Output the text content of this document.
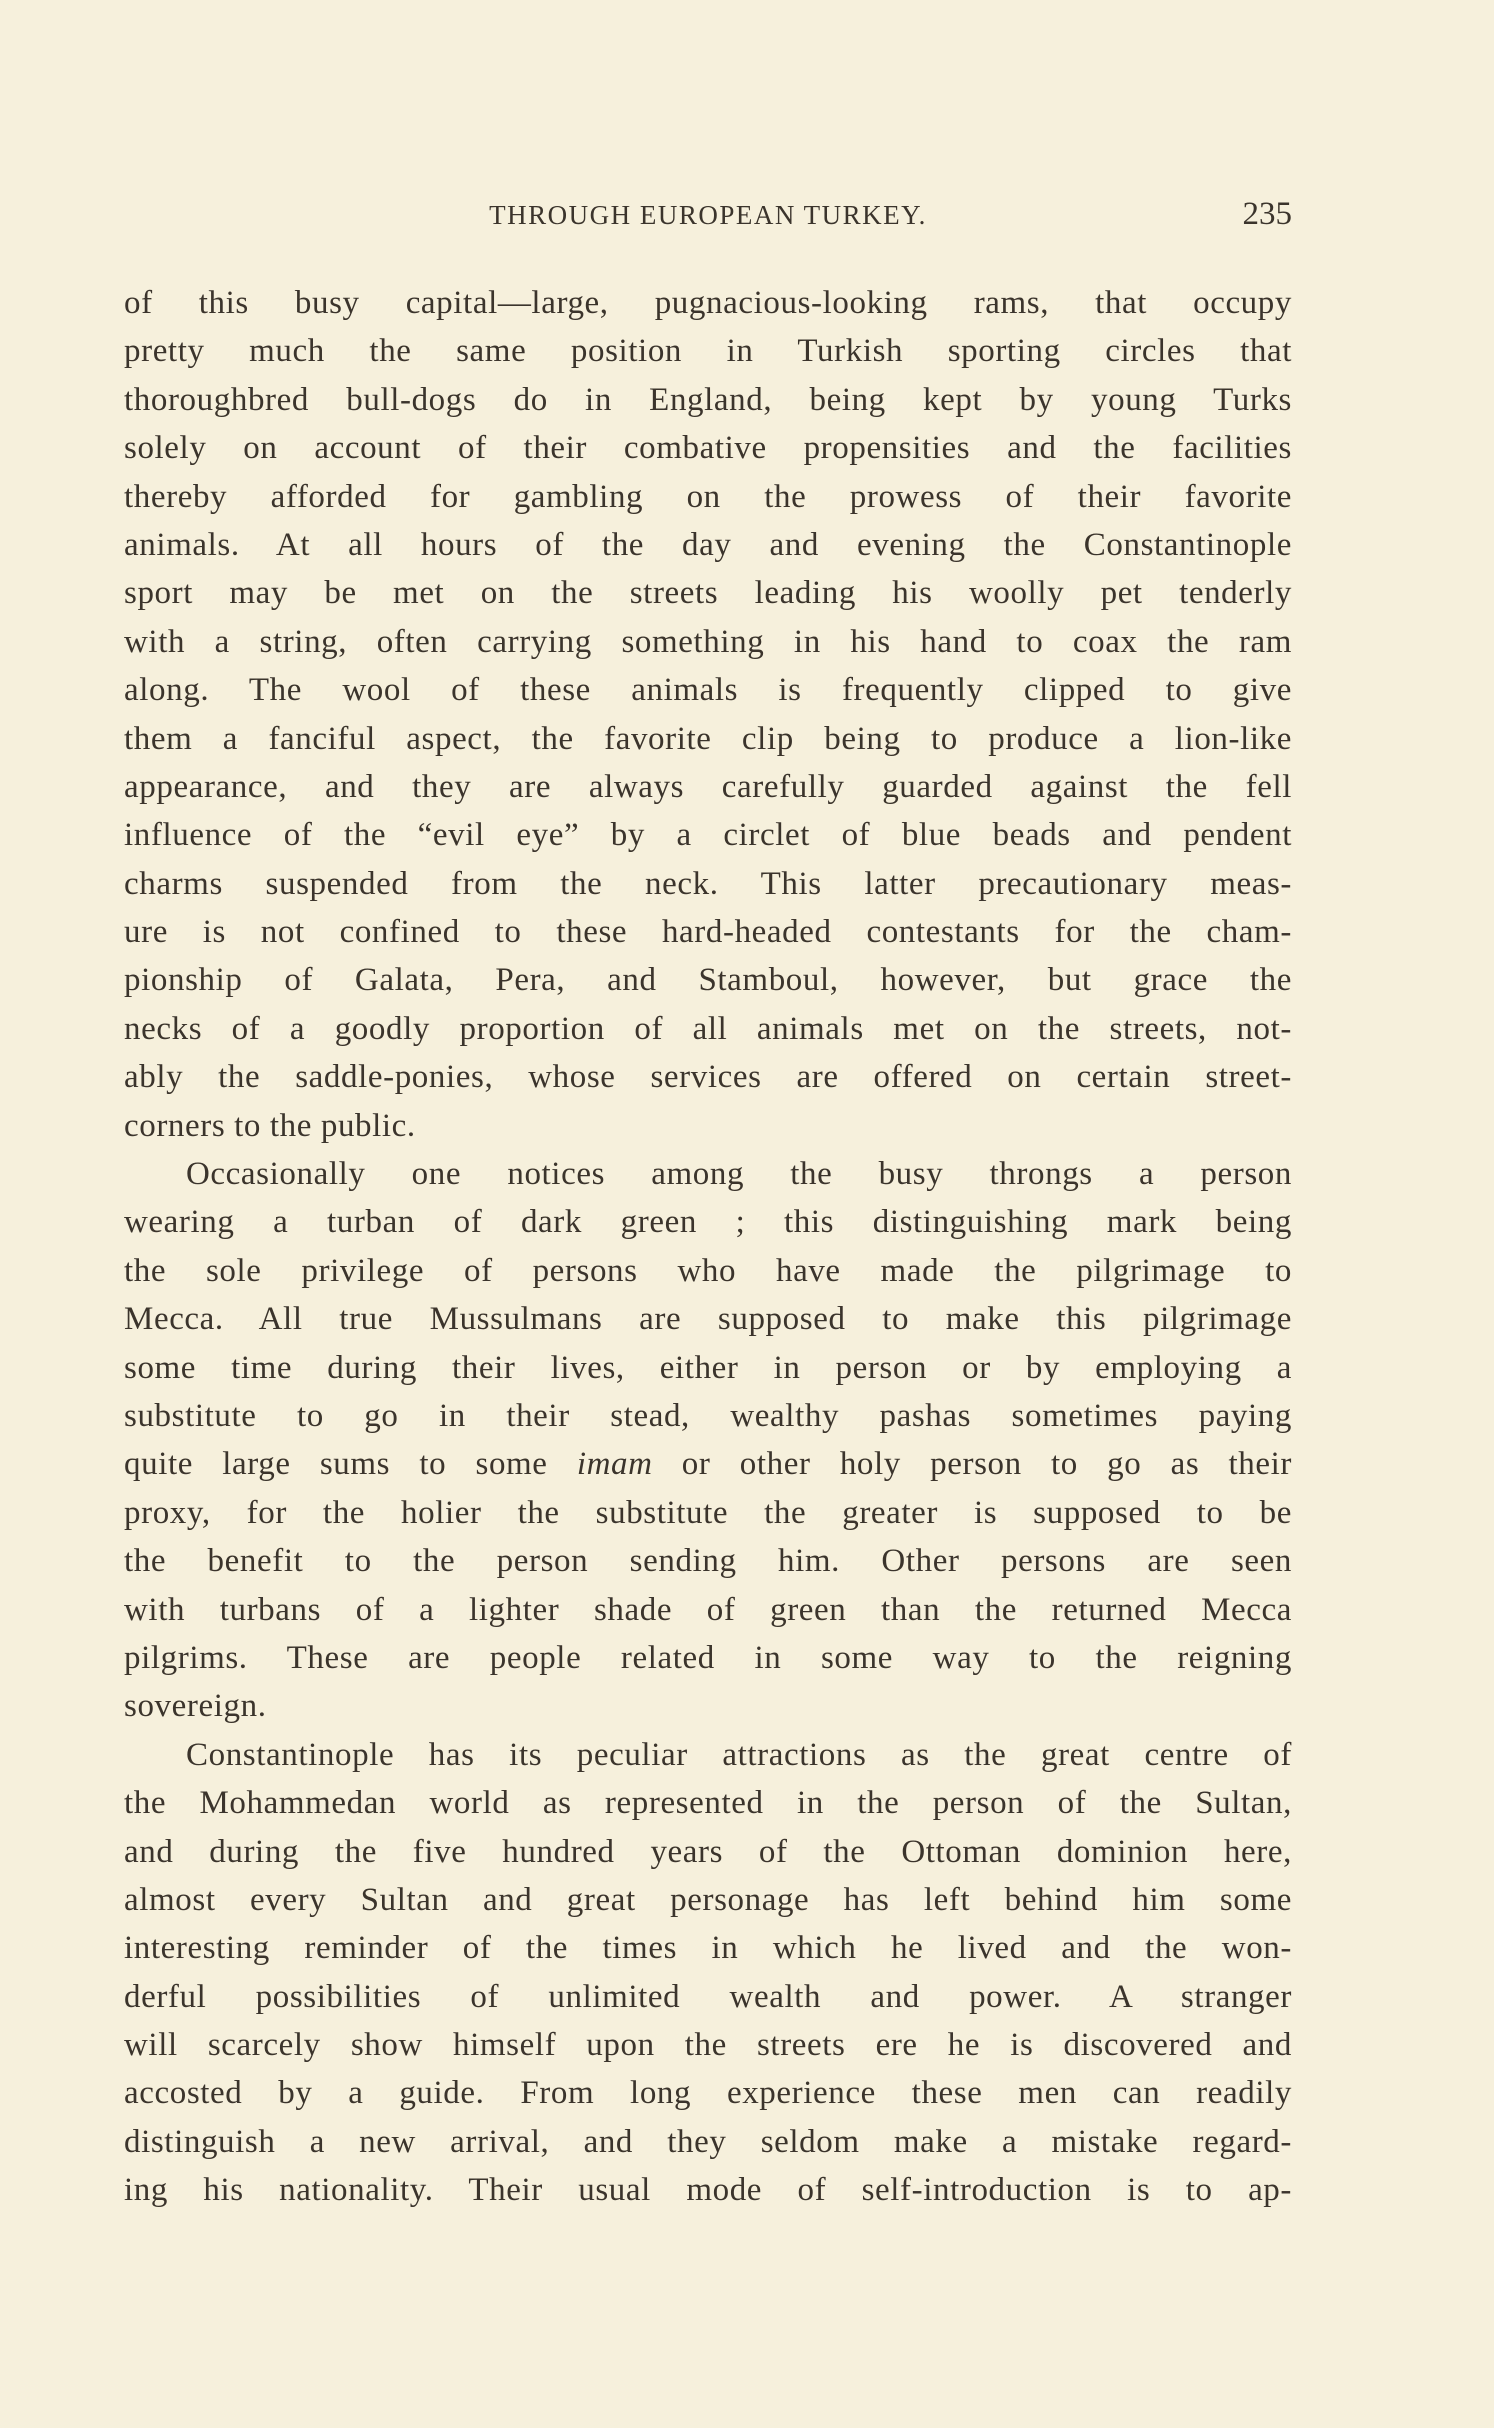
THROUGH EUROPEAN TURKEY.	235
of this busy capital—large, pugnacious-looking rams, that occupy
pretty much the same position in Turkish sporting circles that
thoroughbred bull-dogs do in England, being kept by young Turks
solely on account of their combative propensities and the facilities
thereby afforded for gambling on the prowess of their favorite
animals. At all hours of the day and evening the Constantinople
sport may be met on the streets leading his woolly pet tenderly
with a string, often carrying something in his hand to coax the ram
along. The wool of these animals is frequently clipped to give
them a fanciful aspect, the favorite clip being to produce a lion-like
appearance, and they are always carefully guarded against the fell
influence of the “evil eye” by a circlet of blue beads and pendent
charms suspended from the neck. This latter precautionary meas-
ure is not confined to these hard-headed contestants for the cham-
pionship of Galata, Pera, and Stamboul, however, but grace the
necks of a goodly proportion of all animals met on the streets, not-
ably the saddle-ponies, whose services are offered on certain street-
corners to the public.
Occasionally one notices among the busy throngs a person
wearing a turban of dark green ; this distinguishing mark being
the sole privilege of persons who have made the pilgrimage to
Mecca. All true Mussulmans are supposed to make this pilgrimage
some time during their lives, either in person or by employing a
substitute to go in their stead, wealthy pashas sometimes paying
quite large sums to some imam or other holy person to go as their
proxy, for the holier the substitute the greater is supposed to be
the benefit to the person sending him. Other persons are seen
with turbans of a lighter shade of green than the returned Mecca
pilgrims. These are people related in some way to the reigning
sovereign.
Constantinople has its peculiar attractions as the great centre of
the Mohammedan world as represented in the person of the Sultan,
and during the five hundred years of the Ottoman dominion here,
almost every Sultan and great personage has left behind him some
interesting reminder of the times in which he lived and the won-
derful possibilities of unlimited wealth and power. A stranger
will scarcely show himself upon the streets ere he is discovered and
accosted by a guide. From long experience these men can readily
distinguish a new arrival, and they seldom make a mistake regard-
ing his nationality. Their usual mode of self-introduction is to ap-
